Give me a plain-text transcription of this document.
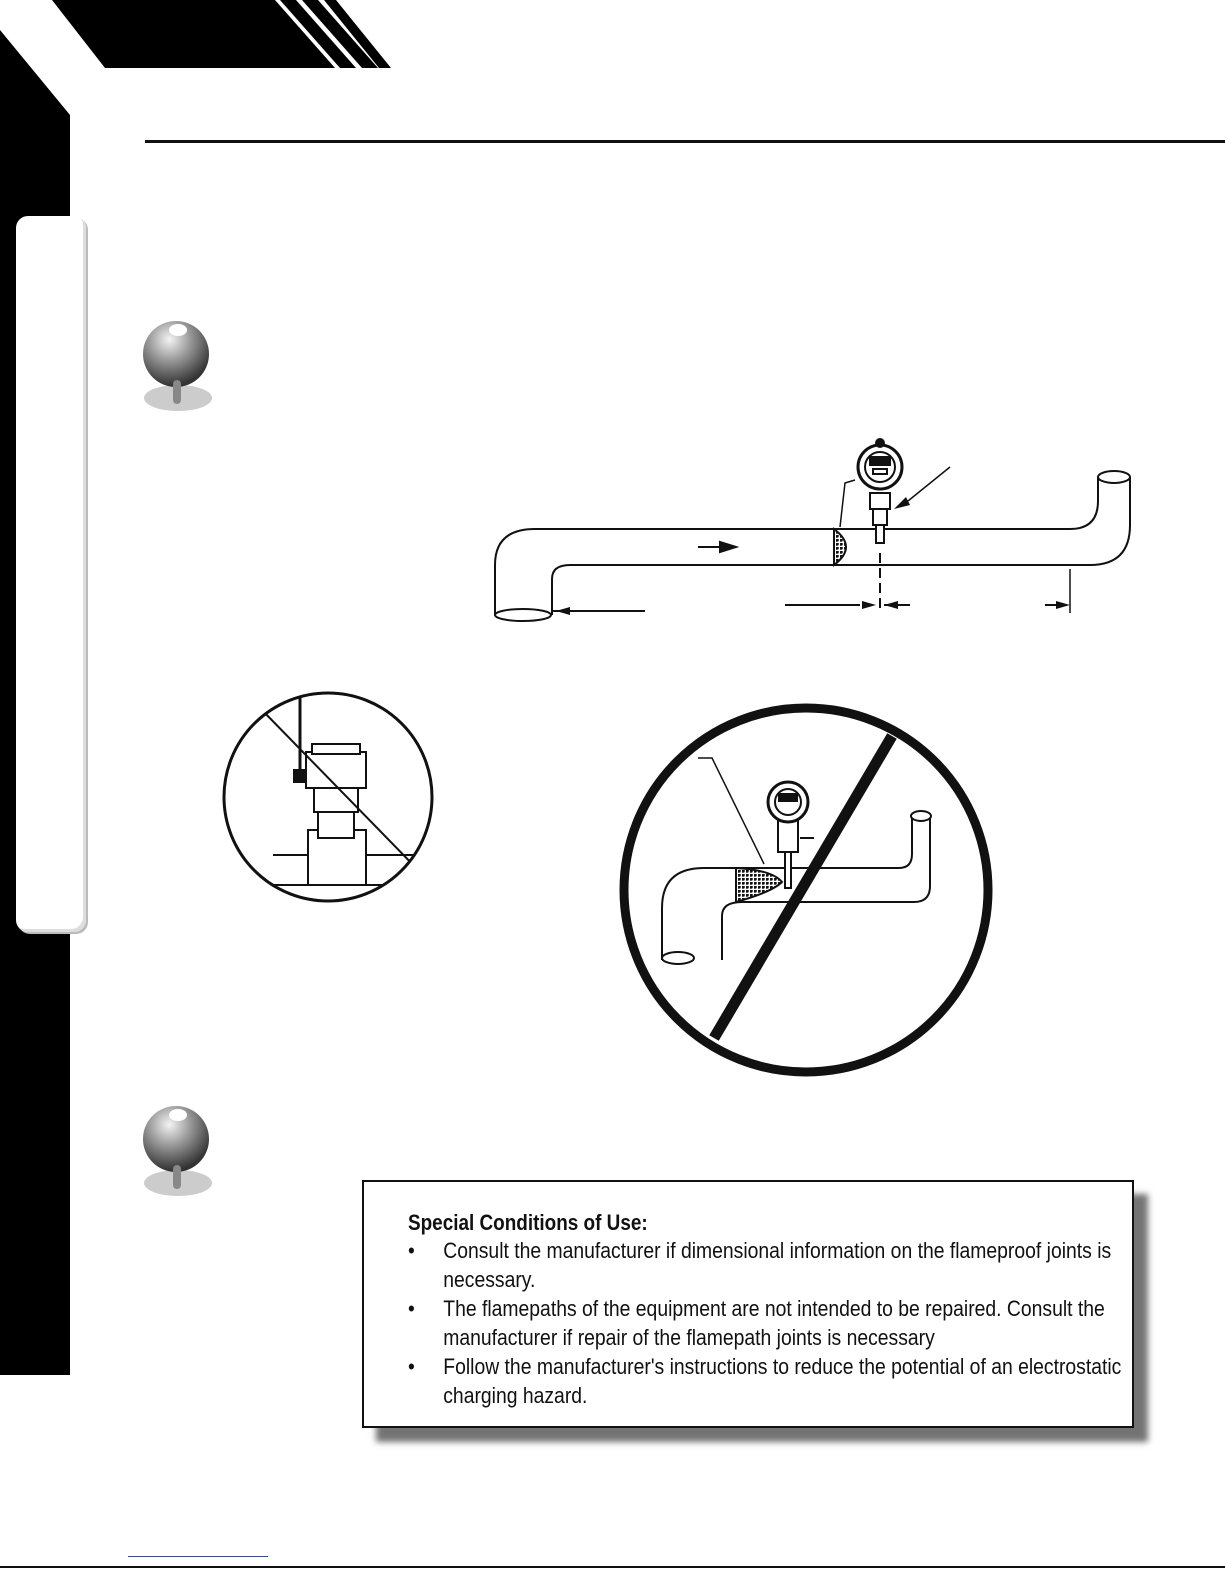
Special Conditions of Use:

• Consult the manufacturer if dimensional information on the flameproof joints is necessary.
• The flamepaths of the equipment are not intended to be repaired. Consult the manufacturer if repair of the flamepath joints is necessary
• Follow the manufacturer's instructions to reduce the potential of an electrostatic charging hazard.
